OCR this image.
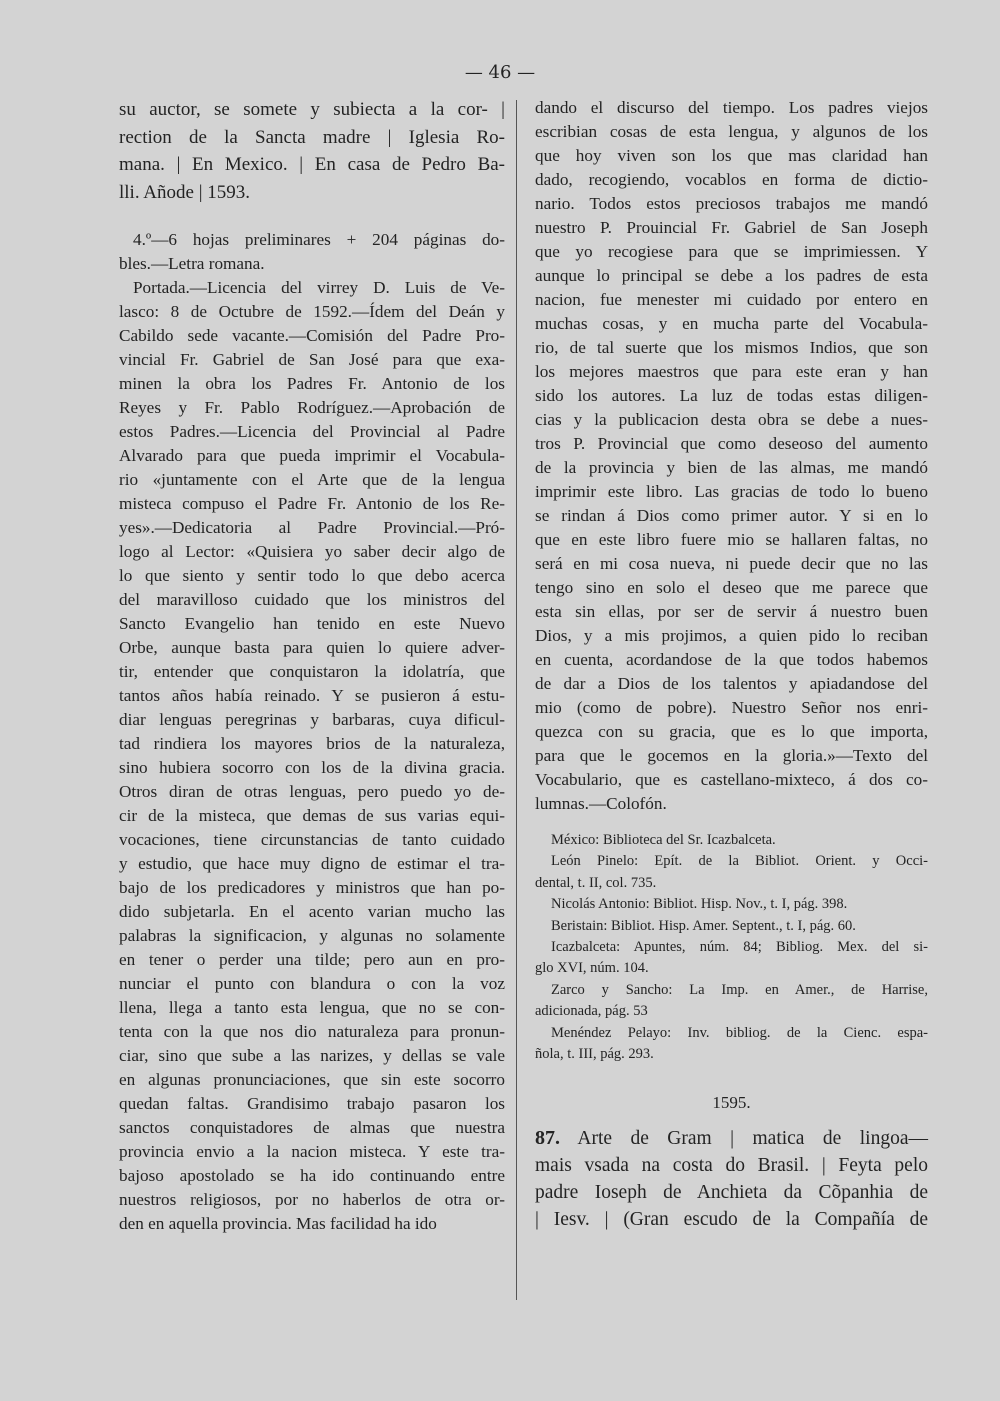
— 46 —
su auctor, se somete y subiecta a la cor- |
rection de la Sancta madre | Iglesia Ro-
mana. | En Mexico. | En casa de Pedro Ba-
lli. Añode | 1593.
4.º—6 hojas preliminares + 204 páginas do-
bles.—Letra romana.
Portada.—Licencia del virrey D. Luis de Ve-
lasco: 8 de Octubre de 1592.—Ídem del Deán y
Cabildo sede vacante.—Comisión del Padre Pro-
vincial Fr. Gabriel de San José para que exa-
minen la obra los Padres Fr. Antonio de los
Reyes y Fr. Pablo Rodríguez.—Aprobación de
estos Padres.—Licencia del Provincial al Padre
Alvarado para que pueda imprimir el Vocabula-
rio «juntamente con el Arte que de la lengua
misteca compuso el Padre Fr. Antonio de los Re-
yes».—Dedicatoria al Padre Provincial.—Pró-
logo al Lector: «Quisiera yo saber decir algo de
lo que siento y sentir todo lo que debo acerca
del maravilloso cuidado que los ministros del
Sancto Evangelio han tenido en este Nuevo
Orbe, aunque basta para quien lo quiere adver-
tir, entender que conquistaron la idolatría, que
tantos años había reinado. Y se pusieron á estu-
diar lenguas peregrinas y barbaras, cuya dificul-
tad rindiera los mayores brios de la naturaleza,
sino hubiera socorro con los de la divina gracia.
Otros diran de otras lenguas, pero puedo yo de-
cir de la misteca, que demas de sus varias equi-
vocaciones, tiene circunstancias de tanto cuidado
y estudio, que hace muy digno de estimar el tra-
bajo de los predicadores y ministros que han po-
dido subjetarla. En el acento varian mucho las
palabras la significacion, y algunas no solamente
en tener o perder una tilde; pero aun en pro-
nunciar el punto con blandura o con la voz
llena, llega a tanto esta lengua, que no se con-
tenta con la que nos dio naturaleza para pronun-
ciar, sino que sube a las narizes, y dellas se vale
en algunas pronunciaciones, que sin este socorro
quedan faltas. Grandisimo trabajo pasaron los
sanctos conquistadores de almas que nuestra
provincia envio a la nacion misteca. Y este tra-
bajoso apostolado se ha ido continuando entre
nuestros religiosos, por no haberlos de otra or-
den en aquella provincia. Mas facilidad ha ido
dando el discurso del tiempo. Los padres viejos
escribian cosas de esta lengua, y algunos de los
que hoy viven son los que mas claridad han
dado, recogiendo, vocablos en forma de dictio-
nario. Todos estos preciosos trabajos me mandó
nuestro P. Prouincial Fr. Gabriel de San Joseph
que yo recogiese para que se imprimiessen. Y
aunque lo principal se debe a los padres de esta
nacion, fue menester mi cuidado por entero en
muchas cosas, y en mucha parte del Vocabula-
rio, de tal suerte que los mismos Indios, que son
los mejores maestros que para este eran y han
sido los autores. La luz de todas estas diligen-
cias y la publicacion desta obra se debe a nues-
tros P. Provincial que como deseoso del aumento
de la provincia y bien de las almas, me mandó
imprimir este libro. Las gracias de todo lo bueno
se rindan á Dios como primer autor. Y si en lo
que en este libro fuere mio se hallaren faltas, no
será en mi cosa nueva, ni puede decir que no las
tengo sino en solo el deseo que me parece que
esta sin ellas, por ser de servir á nuestro buen
Dios, y a mis projimos, a quien pido lo reciban
en cuenta, acordandose de la que todos habemos
de dar a Dios de los talentos y apiadandose del
mio (como de pobre). Nuestro Señor nos enri-
quezca con su gracia, que es lo que importa,
para que le gocemos en la gloria.»—Texto del
Vocabulario, que es castellano-mixteco, á dos co-
lumnas.—Colofón.
México: Biblioteca del Sr. Icazbalceta.
León Pinelo: Epít. de la Bibliot. Orient. y Occi-
dental, t. II, col. 735.
Nicolás Antonio: Bibliot. Hisp. Nov., t. I, pág. 398.
Beristain: Bibliot. Hisp. Amer. Septent., t. I, pág. 60.
Icazbalceta: Apuntes, núm. 84; Bibliog. Mex. del si-
glo XVI, núm. 104.
Zarco y Sancho: La Imp. en Amer., de Harrise,
adicionada, pág. 53
Menéndez Pelayo: Inv. bibliog. de la Cienc. espa-
ñola, t. III, pág. 293.
1595.
87. Arte de Gram | matica de lingoa—
mais vsada na costa do Brasil. | Feyta pelo
padre Ioseph de Anchieta da Cõpanhia de
| Iesv. | (Gran escudo de la Compañía de
